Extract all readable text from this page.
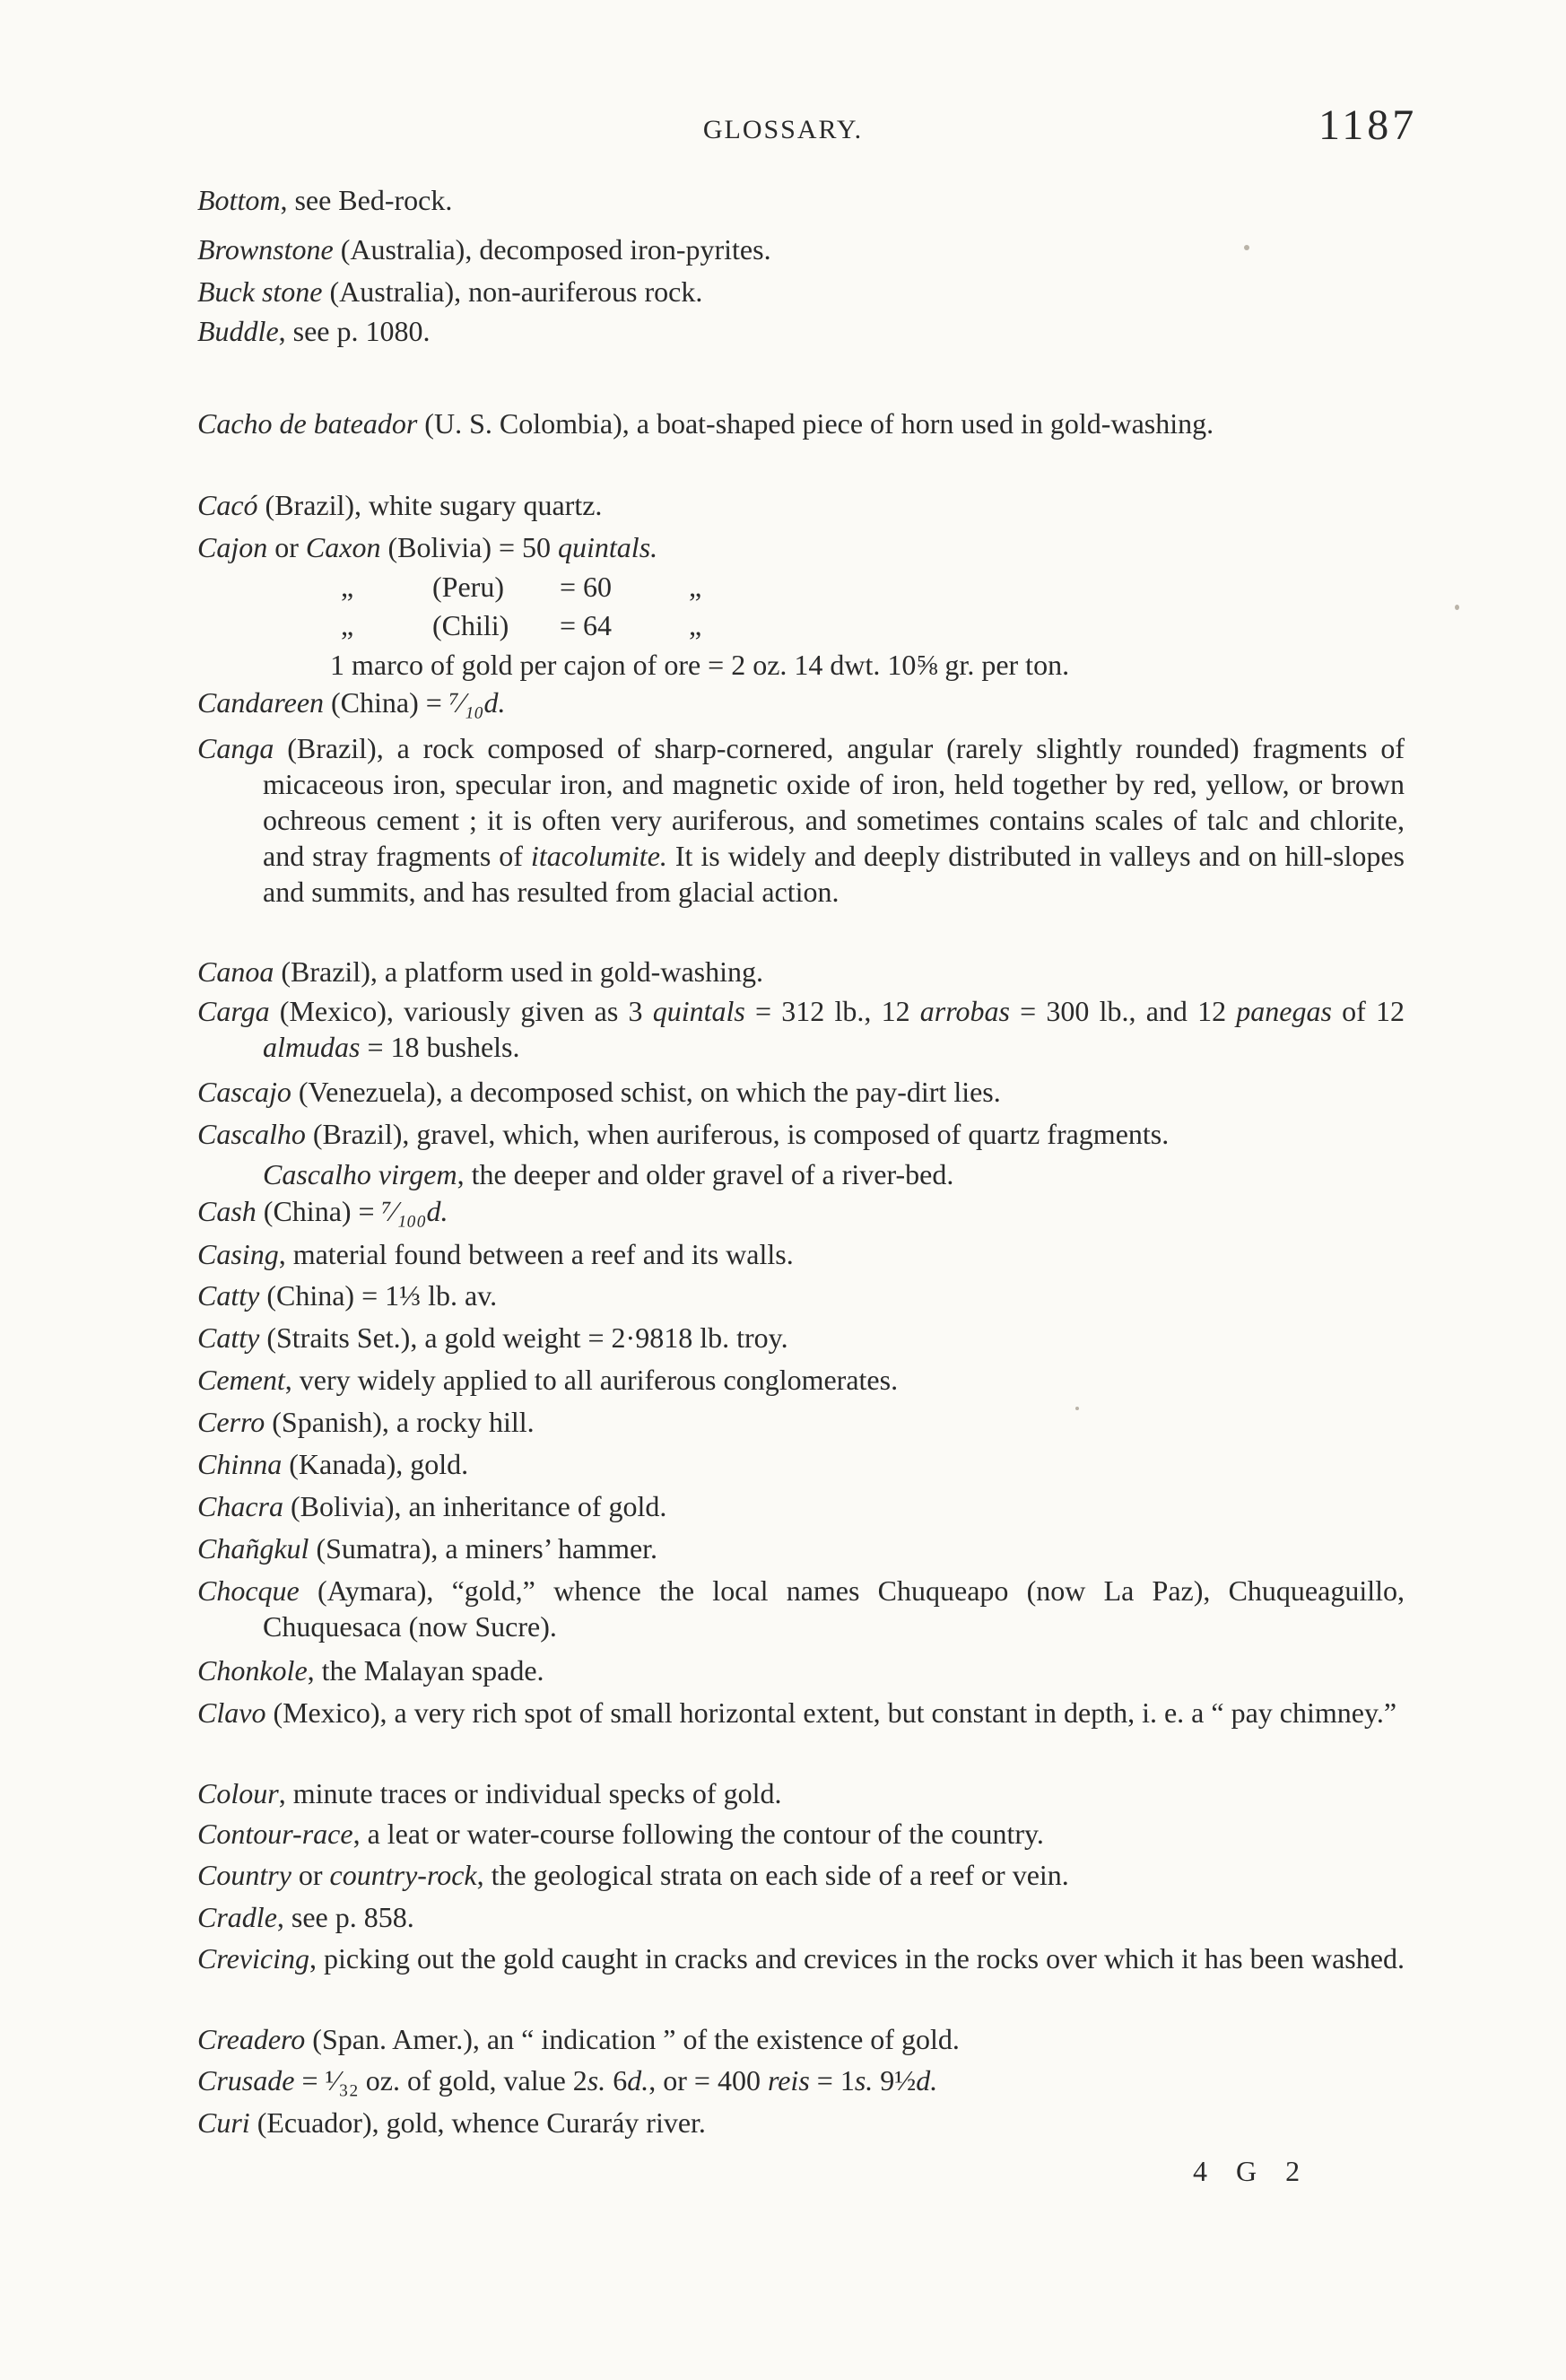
GLOSSARY.	1187
Bottom, see Bed-rock.
Brownstone (Australia), decomposed iron-pyrites.
Buck stone (Australia), non-auriferous rock.
Buddle, see p. 1080.
Cacho de bateador (U. S. Colombia), a boat-shaped piece of horn used in gold-washing.
Cacó (Brazil), white sugary quartz.
Cajon or Caxon (Bolivia) = 50 quintals.
„	(Peru) = 60	„
„	(Chili) = 64	„
1 marco of gold per cajon of ore = 2 oz. 14 dwt. 10⅝ gr. per ton.
Candareen (China) = ⁷⁄₁₀d.
Canga (Brazil), a rock composed of sharp-cornered, angular (rarely slightly rounded) fragments of micaceous iron, specular iron, and magnetic oxide of iron, held together by red, yellow, or brown ochreous cement ; it is often very auriferous, and sometimes contains scales of talc and chlorite, and stray fragments of itacolumite. It is widely and deeply distributed in valleys and on hill-slopes and summits, and has resulted from glacial action.
Canoa (Brazil), a platform used in gold-washing.
Carga (Mexico), variously given as 3 quintals = 312 lb., 12 arrobas = 300 lb., and 12 panegas of 12 almudas = 18 bushels.
Cascajo (Venezuela), a decomposed schist, on which the pay-dirt lies.
Cascalho (Brazil), gravel, which, when auriferous, is composed of quartz fragments.
Cascalho virgem, the deeper and older gravel of a river-bed.
Cash (China) = ⁷⁄₁₀₀d.
Casing, material found between a reef and its walls.
Catty (China) = 1⅓ lb. av.
Catty (Straits Set.), a gold weight = 2·9818 lb. troy.
Cement, very widely applied to all auriferous conglomerates.
Cerro (Spanish), a rocky hill.
Chinna (Kanada), gold.
Chacra (Bolivia), an inheritance of gold.
Chañgkul (Sumatra), a miners’ hammer.
Chocque (Aymara), “gold,” whence the local names Chuqueapo (now La Paz), Chuqueaguillo, Chuquesaca (now Sucre).
Chonkole, the Malayan spade.
Clavo (Mexico), a very rich spot of small horizontal extent, but constant in depth, i. e. a “ pay chimney.”
Colour, minute traces or individual specks of gold.
Contour-race, a leat or water-course following the contour of the country.
Country or country-rock, the geological strata on each side of a reef or vein.
Cradle, see p. 858.
Crevicing, picking out the gold caught in cracks and crevices in the rocks over which it has been washed.
Creadero (Span. Amer.), an “ indication ” of the existence of gold.
Crusade = ¹⁄₃₂ oz. of gold, value 2s. 6d., or = 400 reis = 1s. 9½d.
Curi (Ecuador), gold, whence Curaráy river.
4 G 2
